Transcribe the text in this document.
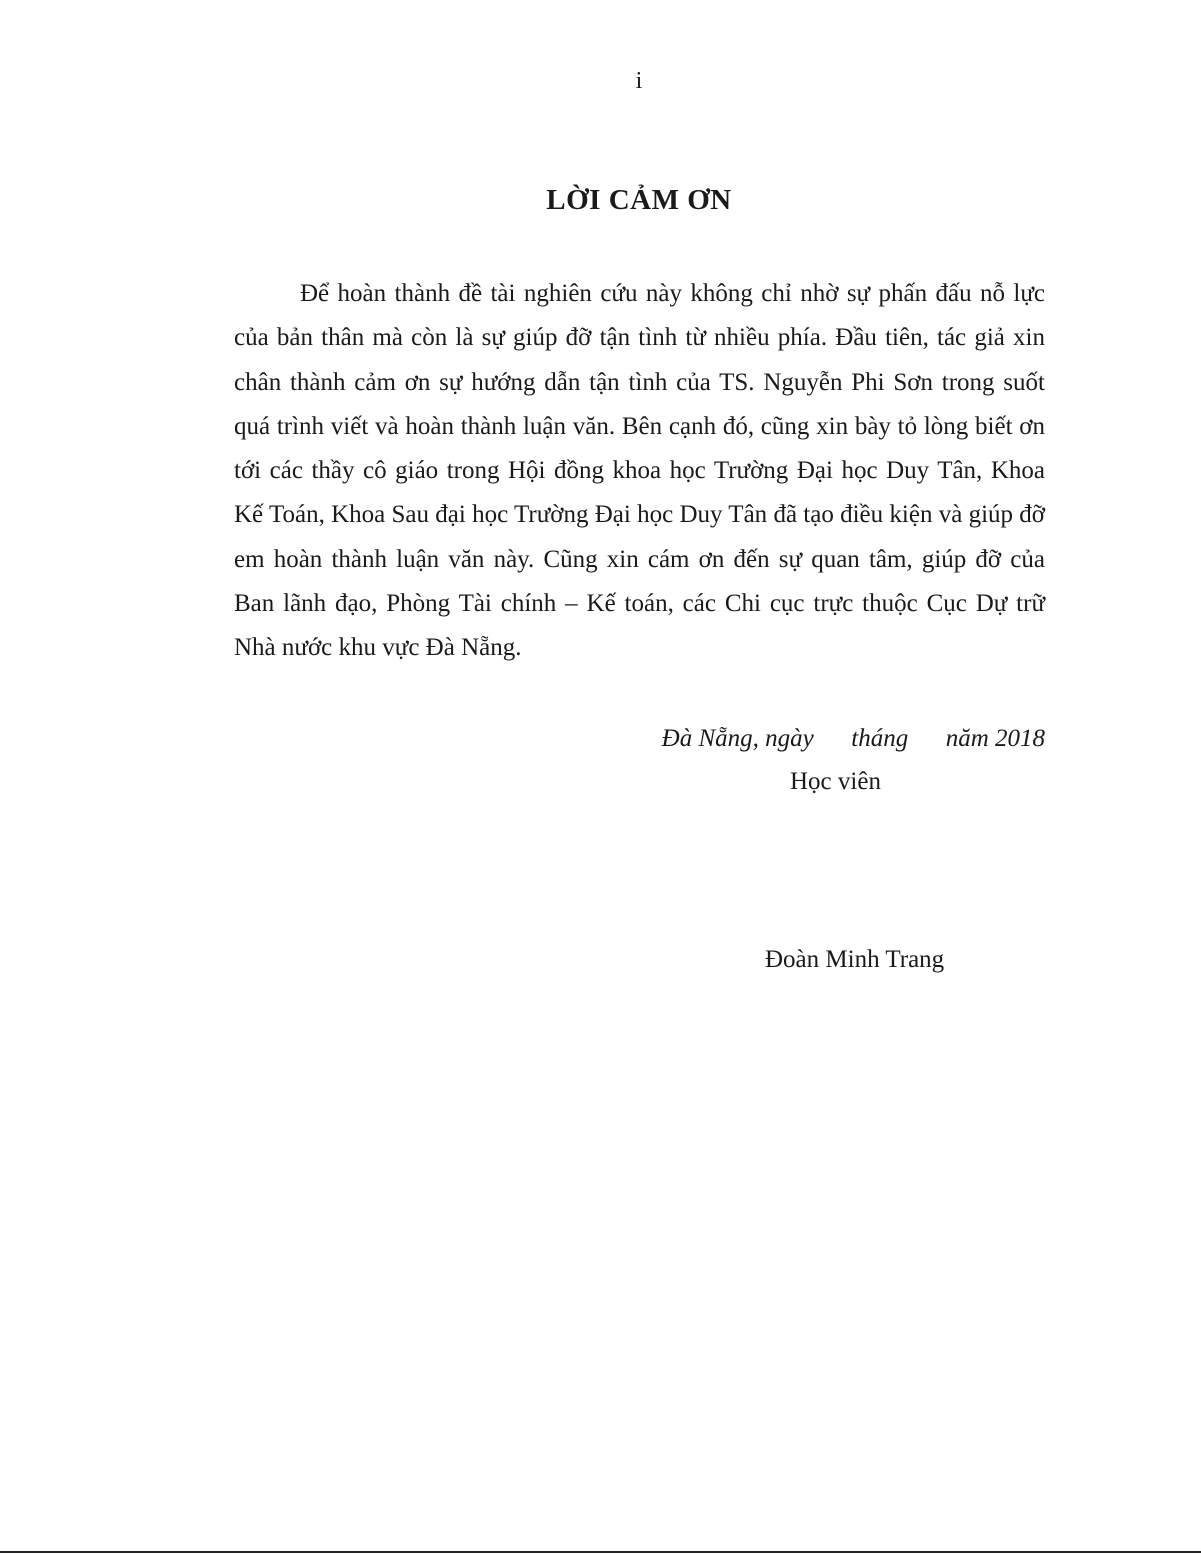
i
LỜI CẢM ƠN

Để hoàn thành đề tài nghiên cứu này không chỉ nhờ sự phấn đấu nỗ lực của bản thân mà còn là sự giúp đỡ tận tình từ nhiều phía. Đầu tiên, tác giả xin chân thành cảm ơn sự hướng dẫn tận tình của TS. Nguyễn Phi Sơn trong suốt quá trình viết và hoàn thành luận văn. Bên cạnh đó, cũng xin bày tỏ lòng biết ơn tới các thầy cô giáo trong Hội đồng khoa học Trường Đại học Duy Tân, Khoa  Kế Toán, Khoa Sau đại học Trường Đại học Duy Tân đã tạo điều kiện và giúp đỡ em hoàn thành luận văn này. Cũng xin cám ơn đến sự quan tâm, giúp đỡ của Ban lãnh đạo, Phòng Tài chính – Kế toán, các Chi cục trực thuộc Cục Dự trữ Nhà nước khu vực Đà Nẵng.

Đà Nẵng, ngày      tháng      năm 2018
Học viên
Đoàn Minh Trang
